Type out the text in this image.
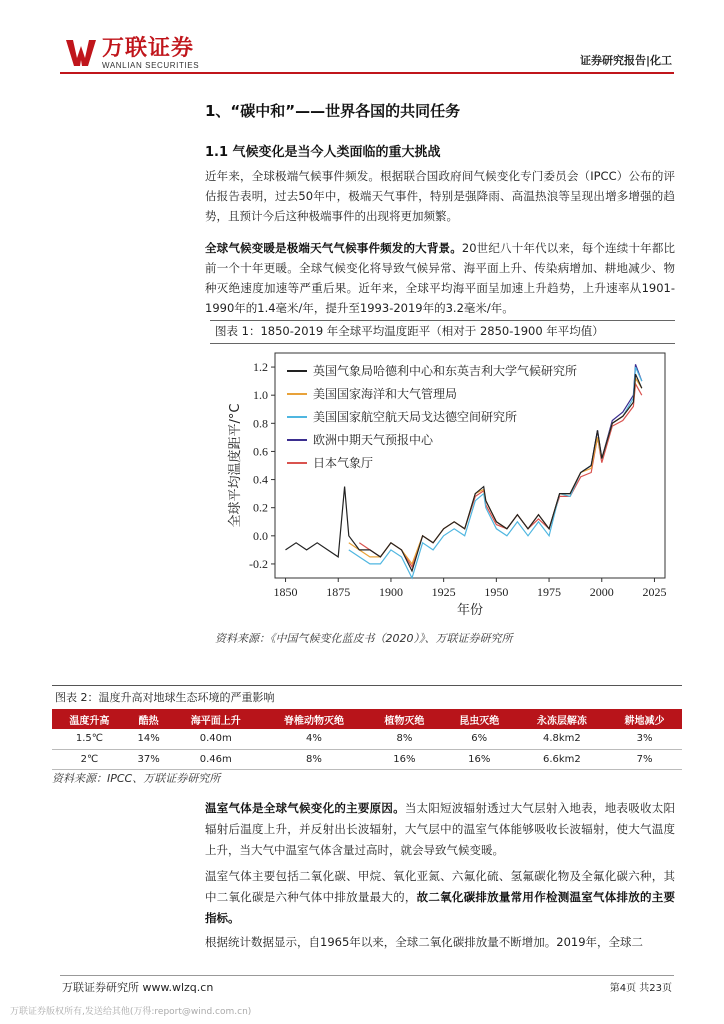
万联证券
WANLIAN SECURITIES	证券研究报告|化工
1、“碳中和”——世界各国的共同任务
1.1 气候变化是当今人类面临的重大挑战
近年来，全球极端气候事件频发。根据联合国政府间气候变化专门委员会（IPCC）公布的评估报告表明，过去50年中，极端天气事件，特别是强降雨、高温热浪等呈现出增多增强的趋势，且预计今后这种极端事件的出现将更加频繁。
全球气候变暖是极端天气气候事件频发的大背景。20世纪八十年代以来，每个连续十年都比前一个十年更暖。全球气候变化将导致气候异常、海平面上升、传染病增加、耕地减少、物种灭绝速度加速等严重后果。近年来，全球平均海平面呈加速上升趋势，上升速率从1901-1990年的1.4毫米/年，提升至1993-2019年的3.2毫米/年。
图表 1：1850-2019 年全球平均温度距平（相对于 2850-1900 年平均值）
-0.2
0.0
0.2
0.4
0.6
0.8
1.0
1.2
1850 1875 1900 1925 1950 1975 2000 2025
年份
全球平均温度距平/°C
英国气象局哈德利中心和东英吉利大学气候研究所
美国国家海洋和大气管理局
美国国家航空航天局戈达德空间研究所
欧洲中期天气预报中心
日本气象厅
资料来源：《中国气候变化蓝皮书（2020）》、万联证券研究所
图表 2：温度升高对地球生态环境的严重影响
温度升高	酷热	海平面上升	脊椎动物灭绝	植物灭绝	昆虫灭绝	永冻层解冻	耕地减少
1.5℃	14%	0.40m	4%	8%	6%	4.8km2	3%
2℃	37%	0.46m	8%	16%	16%	6.6km2	7%
资料来源：IPCC、万联证券研究所
温室气体是全球气候变化的主要原因。当太阳短波辐射透过大气层射入地表，地表吸收太阳辐射后温度上升，并反射出长波辐射，大气层中的温室气体能够吸收长波辐射，使大气温度上升，当大气中温室气体含量过高时，就会导致气候变暖。
温室气体主要包括二氧化碳、甲烷、氧化亚氮、六氟化硫、氢氟碳化物及全氟化碳六种，其中二氧化碳是六种气体中排放量最大的，故二氧化碳排放量常用作检测温室气体排放的主要指标。
根据统计数据显示，自1965年以来，全球二氧化碳排放量不断增加。2019年，全球二
万联证券研究所 www.wlzq.cn	第4页 共23页
万联证券版权所有,发送给其他(万得:report@wind.com.cn)
